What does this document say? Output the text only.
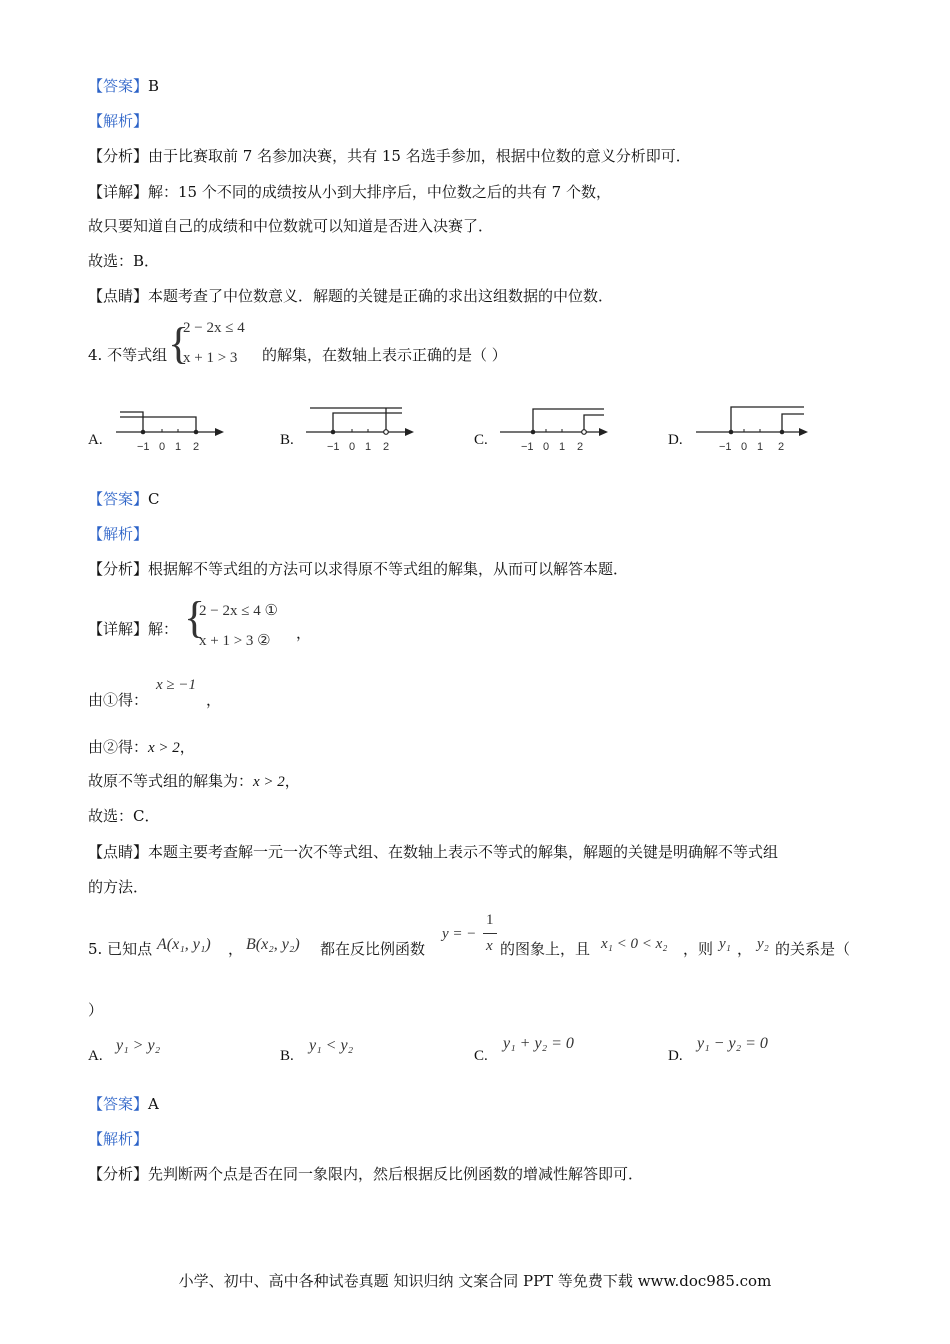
【答案】B
【解析】
【分析】由于比赛取前 7 名参加决赛，共有 15 名选手参加，根据中位数的意义分析即可．
【详解】解：15 个不同的成绩按从小到大排序后，中位数之后的共有 7 个数，
故只要知道自己的成绩和中位数就可以知道是否进入决赛了．
故选：B．
【点睛】本题考查了中位数意义．解题的关键是正确的求出这组数据的中位数．
4. 不等式组 {
2 − 2x ≤ 4
x + 1 > 3 的解集，在数轴上表示正确的是（ ）
A.	−1 0 1 2	B.	−1 0 1 2	C.	−1 0 1 2	D.	−1 0 1 2
【答案】C
【解析】
【分析】根据解不等式组的方法可以求得原不等式组的解集，从而可以解答本题．
【详解】解： {
2 − 2x ≤ 4 ①
x + 1 > 3 ② ，
由①得：
x ≥ −1
，
由②得：x > 2，
故原不等式组的解集为：x > 2，
故选：C．
【点睛】本题主要考查解一元一次不等式组、在数轴上表示不等式的解集，解题的关键是明确解不等式组
的方法．
5. 已知点 A(x₁, y₁) ， B(x₂, y₂) 都在反比例函数
y = −
1
x 的图象上，且 x₁ < 0 < x₂ ，则 y₁ ， y₂ 的关系是（
）
A.
y₁ > y₂
B.
y₁ < y₂
C.
y₁ + y₂ = 0
D.
y₁ − y₂ = 0
【答案】A
【解析】
【分析】先判断两个点是否在同一象限内，然后根据反比例函数的增减性解答即可．
小学、初中、高中各种试卷真题 知识归纳 文案合同 PPT 等免费下载 www.doc985.com
